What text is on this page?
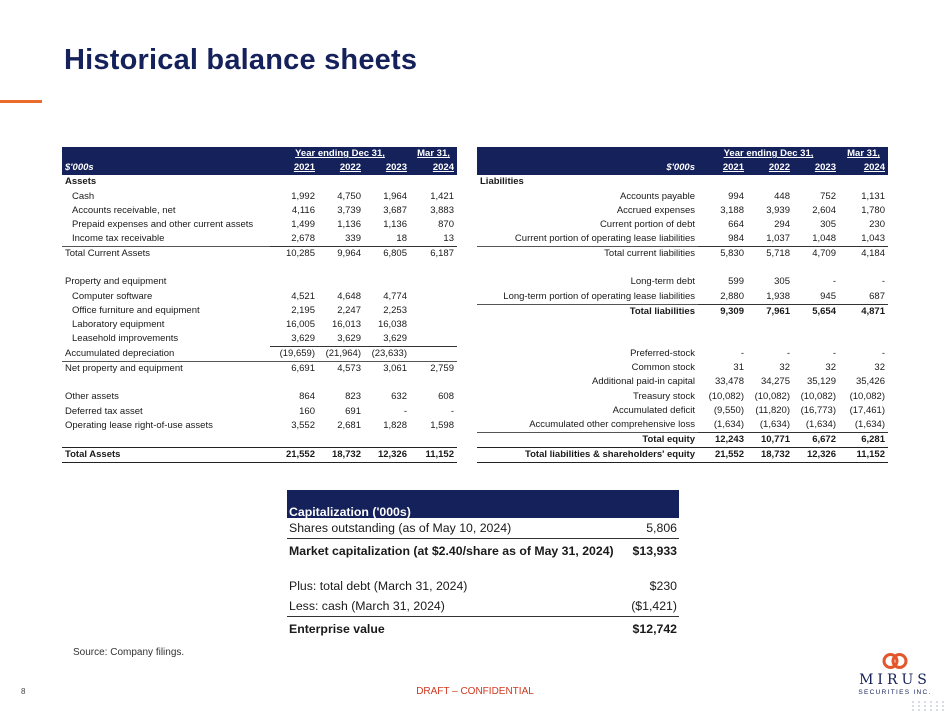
Historical balance sheets
	Year ending Dec 31,			Mar 31,
$'000s	2021	2022	2023	2024
Assets				
Cash	1,992	4,750	1,964	1,421
Accounts receivable, net	4,116	3,739	3,687	3,883
Prepaid expenses and other current assets	1,499	1,136	1,136	870
Income tax receivable	2,678	339	18	13
Total Current Assets	10,285	9,964	6,805	6,187

Property and equipment				
Computer software	4,521	4,648	4,774	
Office furniture and equipment	2,195	2,247	2,253	
Laboratory equipment	16,005	16,013	16,038	
Leasehold improvements	3,629	3,629	3,629	
Accumulated depreciation	(19,659)	(21,964)	(23,633)	
Net property and equipment	6,691	4,573	3,061	2,759

Other assets	864	823	632	608
Deferred tax asset	160	691	-	-
Operating lease right-of-use assets	3,552	2,681	1,828	1,598

Total Assets	21,552	18,732	12,326	11,152
	Year ending Dec 31,			Mar 31,
$'000s	2021	2022	2023	2024
Liabilities				
Accounts payable	994	448	752	1,131
Accrued expenses	3,188	3,939	2,604	1,780
Current portion of debt	664	294	305	230
Current portion of operating lease liabilities	984	1,037	1,048	1,043
Total current liabilities	5,830	5,718	4,709	4,184

Long-term debt	599	305	-	-
Long-term portion of operating lease liabilities	2,880	1,938	945	687
Total liabilities	9,309	7,961	5,654	4,871

Preferred-stock	-	-	-	-
Common stock	31	32	32	32
Additional paid-in capital	33,478	34,275	35,129	35,426
Treasury stock	(10,082)	(10,082)	(10,082)	(10,082)
Accumulated deficit	(9,550)	(11,820)	(16,773)	(17,461)
Accumulated other comprehensive loss	(1,634)	(1,634)	(1,634)	(1,634)
Total equity	12,243	10,771	6,672	6,281
Total liabilities & shareholders' equity	21,552	18,732	12,326	11,152
Capitalization ('000s)
Shares outstanding (as of May 10, 2024)	5,806
Market capitalization (at $2.40/share as of May 31, 2024) $13,933
Plus: total debt (March 31, 2024)	$230
Less: cash (March 31, 2024)	($1,421)
Enterprise value	$12,742
Source: Company filings.
8	DRAFT – CONFIDENTIAL
MIRUS
SECURITIES INC.
